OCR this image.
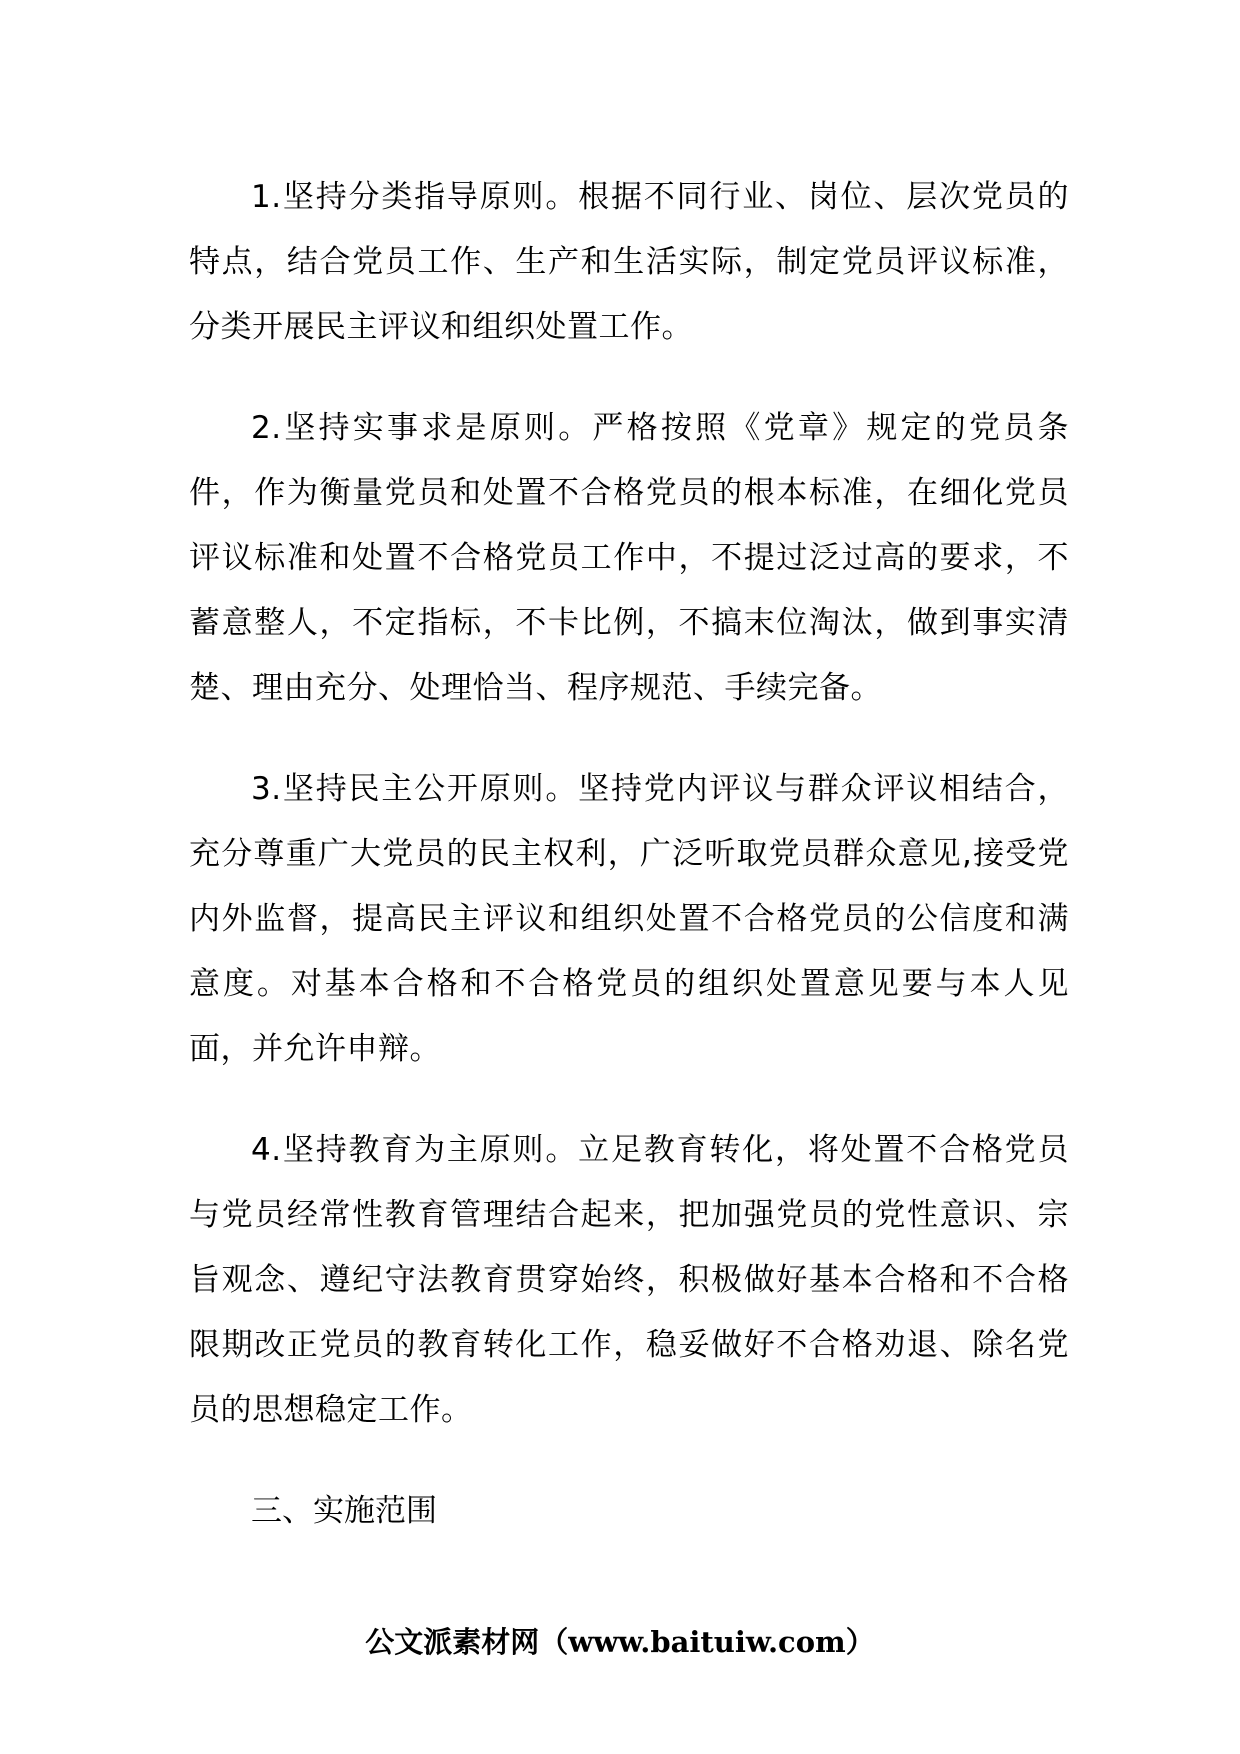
1.坚持分类指导原则。根据不同行业、岗位、层次党员的特点，结合党员工作、生产和生活实际，制定党员评议标准，分类开展民主评议和组织处置工作。

2.坚持实事求是原则。严格按照《党章》规定的党员条件，作为衡量党员和处置不合格党员的根本标准，在细化党员评议标准和处置不合格党员工作中，不提过泛过高的要求，不蓄意整人，不定指标，不卡比例，不搞末位淘汰，做到事实清楚、理由充分、处理恰当、程序规范、手续完备。

3.坚持民主公开原则。坚持党内评议与群众评议相结合，充分尊重广大党员的民主权利，广泛听取党员群众意见,接受党内外监督，提高民主评议和组织处置不合格党员的公信度和满意度。对基本合格和不合格党员的组织处置意见要与本人见面，并允许申辩。

4.坚持教育为主原则。立足教育转化，将处置不合格党员与党员经常性教育管理结合起来，把加强党员的党性意识、宗旨观念、遵纪守法教育贯穿始终，积极做好基本合格和不合格限期改正党员的教育转化工作，稳妥做好不合格劝退、除名党员的思想稳定工作。

三、实施范围

公文派素材网（www.baituiw.com）
